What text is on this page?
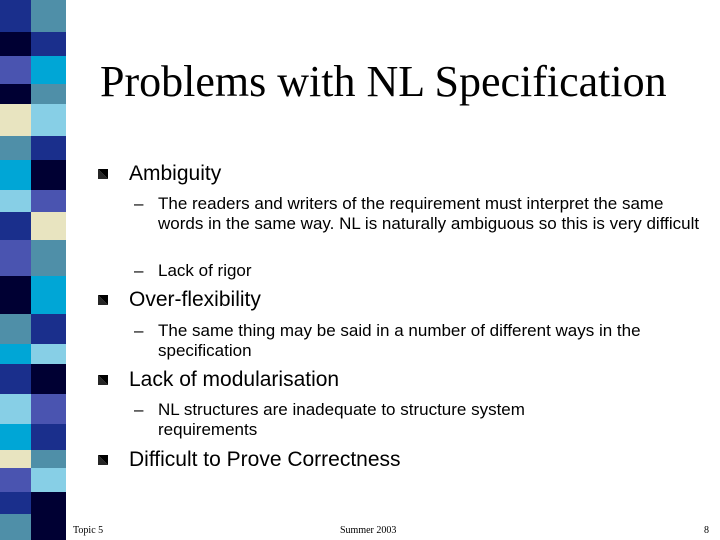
Problems with NL Specification
Ambiguity
– The readers and writers of the requirement must interpret the same words in the same way. NL is naturally ambiguous so this is very difficult
– Lack of rigor
Over-flexibility
– The same thing may be said in a number of different ways in the specification
Lack of modularisation
– NL structures are inadequate to structure system requirements
Difficult to Prove Correctness
Topic 5	Summer 2003	8
